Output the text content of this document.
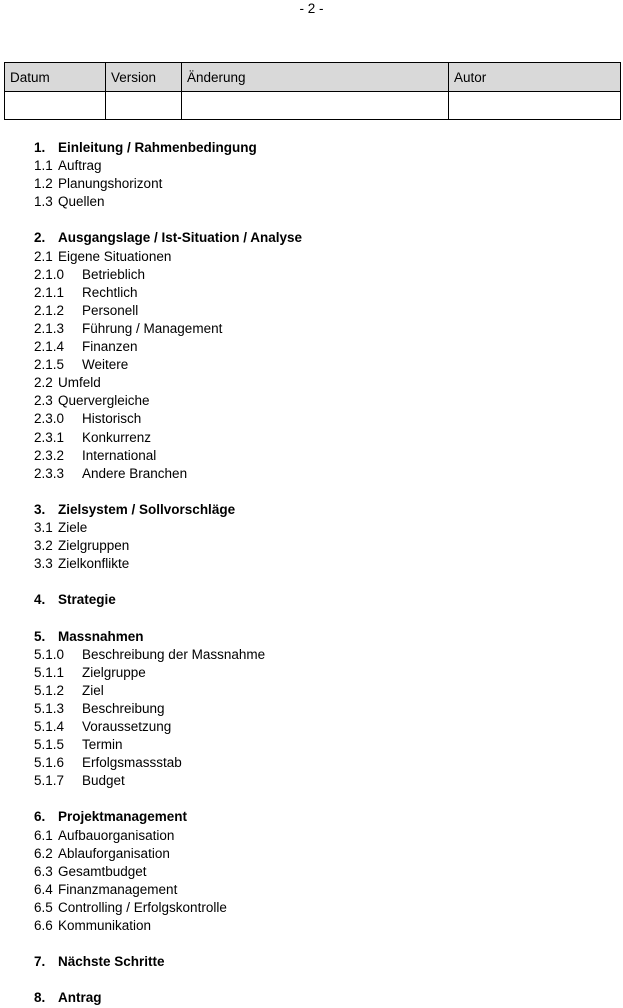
- 2 -
Datum	Version	Änderung	Autor

1. Einleitung / Rahmenbedingung
1.1 Auftrag
1.2 Planungshorizont
1.3 Quellen
2. Ausgangslage / Ist-Situation / Analyse
2.1 Eigene Situationen
2.1.0 Betrieblich
2.1.1 Rechtlich
2.1.2 Personell
2.1.3 Führung / Management
2.1.4 Finanzen
2.1.5 Weitere
2.2 Umfeld
2.3 Quervergleiche
2.3.0 Historisch
2.3.1 Konkurrenz
2.3.2 International
2.3.3 Andere Branchen
3. Zielsystem / Sollvorschläge
3.1 Ziele
3.2 Zielgruppen
3.3 Zielkonflikte
4. Strategie
5. Massnahmen
5.1.0 Beschreibung der Massnahme
5.1.1 Zielgruppe
5.1.2 Ziel
5.1.3 Beschreibung
5.1.4 Voraussetzung
5.1.5 Termin
5.1.6 Erfolgsmassstab
5.1.7 Budget
6. Projektmanagement
6.1 Aufbauorganisation
6.2 Ablauforganisation
6.3 Gesamtbudget
6.4 Finanzmanagement
6.5 Controlling / Erfolgskontrolle
6.6 Kommunikation
7. Nächste Schritte
8. Antrag
